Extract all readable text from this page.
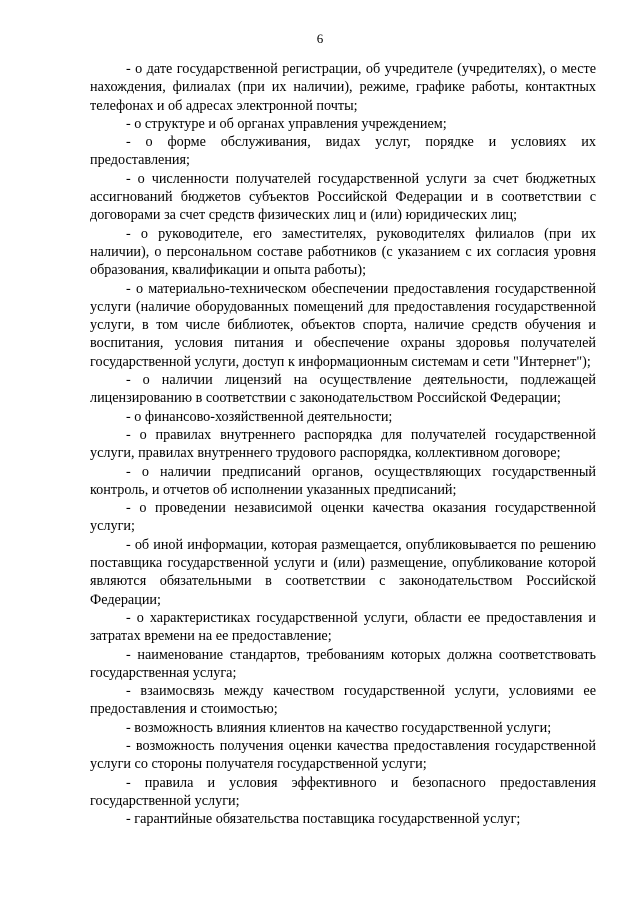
6

- о дате государственной регистрации, об учредителе (учредителях), о месте нахождения, филиалах (при их наличии), режиме, графике работы, контактных телефонах и об адресах электронной почты;

- о структуре и об органах управления учреждением;

- о форме обслуживания, видах услуг, порядке и условиях их предоставления;

- о численности получателей государственной услуги за счет бюджетных ассигнований бюджетов субъектов Российской Федерации и в соответствии с договорами за счет средств физических лиц и (или) юридических лиц;

- о руководителе, его заместителях, руководителях филиалов (при их наличии), о персональном составе работников (с указанием с их согласия уровня образования, квалификации и опыта работы);

- о материально-техническом обеспечении предоставления государственной услуги (наличие оборудованных помещений для предоставления государственной услуги, в том числе библиотек, объектов спорта, наличие средств обучения и воспитания, условия питания и обеспечение охраны здоровья получателей государственной услуги, доступ к информационным системам и сети "Интернет");

- о наличии лицензий на осуществление деятельности, подлежащей лицензированию в соответствии с законодательством Российской Федерации;

- о финансово-хозяйственной деятельности;

- о правилах внутреннего распорядка для получателей государственной услуги, правилах внутреннего трудового распорядка, коллективном договоре;

- о наличии предписаний органов, осуществляющих государственный контроль, и отчетов об исполнении указанных предписаний;

- о проведении независимой оценки качества оказания государственной услуги;

- об иной информации, которая размещается, опубликовывается по решению поставщика государственной услуги и (или) размещение, опубликование которой являются обязательными в соответствии с законодательством Российской Федерации;

- о характеристиках государственной услуги, области ее предоставления и затратах времени на ее предоставление;

- наименование стандартов, требованиям которых должна соответствовать государственная услуга;

- взаимосвязь между качеством государственной услуги, условиями ее предоставления и стоимостью;

- возможность влияния клиентов на качество государственной услуги;

- возможность получения оценки качества предоставления государственной услуги со стороны получателя государственной услуги;

- правила и условия эффективного и безопасного предоставления государственной услуги;

- гарантийные обязательства поставщика государственной услуг;
